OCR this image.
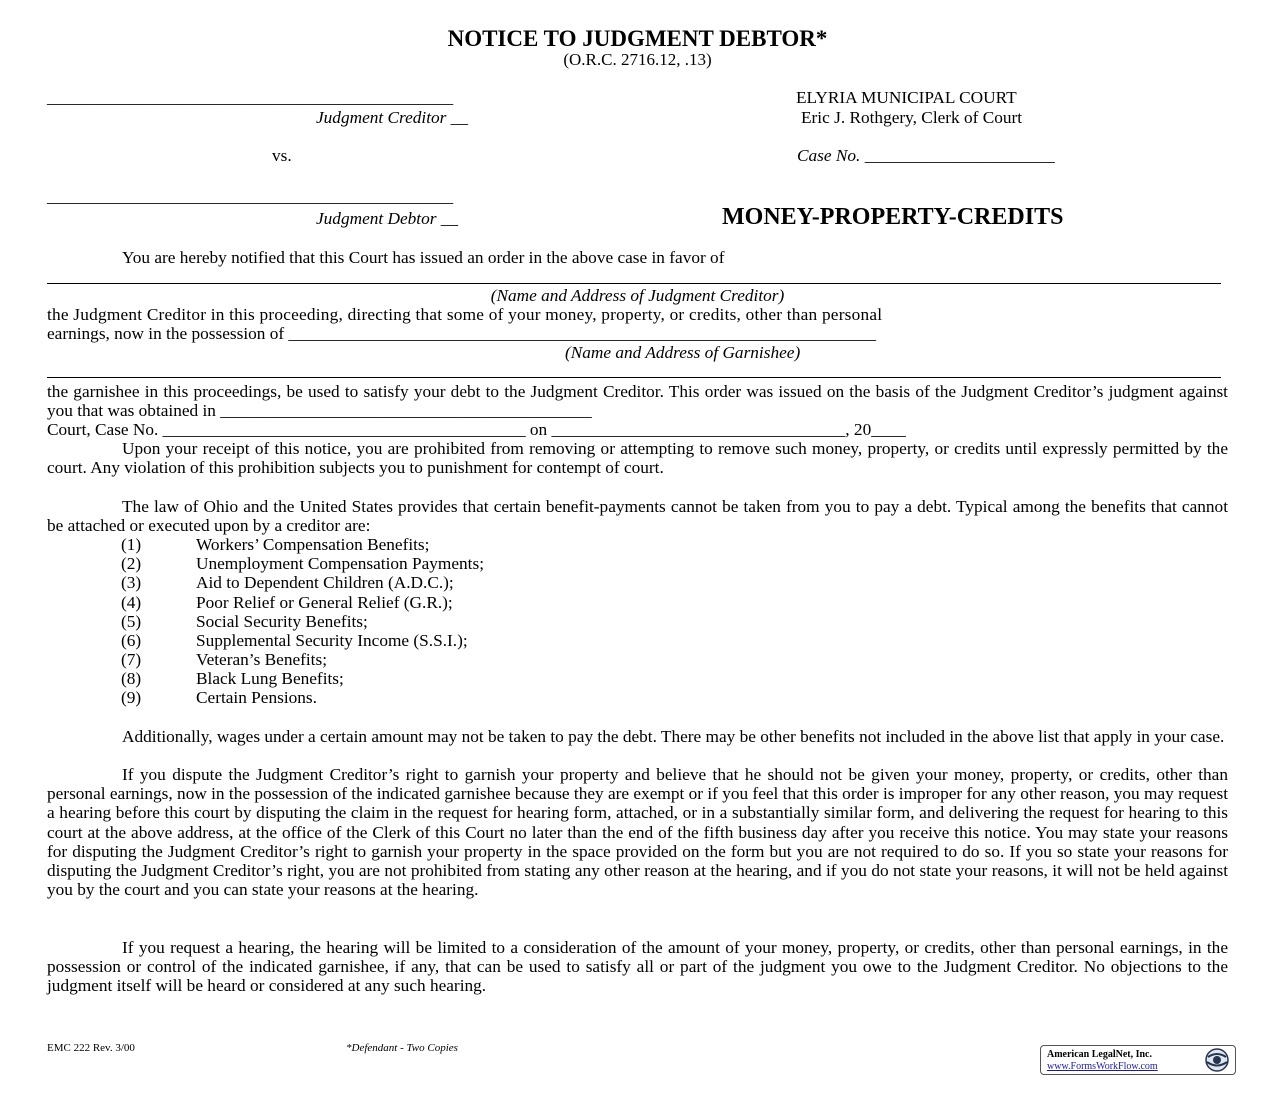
NOTICE TO JUDGMENT DEBTOR*
(O.R.C. 2716.12, .13)
_______________________________________________
Judgment Creditor __
vs.
_______________________________________________
Judgment Debtor __
ELYRIA MUNICIPAL COURT
Eric J. Rothgery, Clerk of Court
Case No. ______________________
MONEY-PROPERTY-CREDITS
You are hereby notified that this Court has issued an order in the above case in favor of
(Name and Address of Judgment Creditor)
the Judgment Creditor in this proceeding, directing that some of your money, property, or credits, other than personal
earnings, now in the possession of ____________________________________________________________________
(Name and Address of Garnishee)
the garnishee in this proceedings, be used to satisfy your debt to the Judgment Creditor. This order was issued on the basis of the Judgment Creditor’s judgment against you that was obtained in ___________________________________________
Court, Case No. __________________________________________ on __________________________________, 20____
Upon your receipt of this notice, you are prohibited from removing or attempting to remove such money, property, or credits until expressly permitted by the court. Any violation of this prohibition subjects you to punishment for contempt of court.
The law of Ohio and the United States provides that certain benefit-payments cannot be taken from you to pay a debt. Typical among the benefits that cannot be attached or executed upon by a creditor are:
(1)	Workers’ Compensation Benefits;
(2)	Unemployment Compensation Payments;
(3)	Aid to Dependent Children (A.D.C.);
(4)	Poor Relief or General Relief (G.R.);
(5)	Social Security Benefits;
(6)	Supplemental Security Income (S.S.I.);
(7)	Veteran’s Benefits;
(8)	Black Lung Benefits;
(9)	Certain Pensions.
Additionally, wages under a certain amount may not be taken to pay the debt. There may be other benefits not included in the above list that apply in your case.
If you dispute the Judgment Creditor’s right to garnish your property and believe that he should not be given your money, property, or credits, other than personal earnings, now in the possession of the indicated garnishee because they are exempt or if you feel that this order is improper for any other reason, you may request a hearing before this court by disputing the claim in the request for hearing form, attached, or in a substantially similar form, and delivering the request for hearing to this court at the above address, at the office of the Clerk of this Court no later than the end of the fifth business day after you receive this notice. You may state your reasons for disputing the Judgment Creditor’s right to garnish your property in the space provided on the form but you are not required to do so. If you so state your reasons for disputing the Judgment Creditor’s right, you are not prohibited from stating any other reason at the hearing, and if you do not state your reasons, it will not be held against you by the court and you can state your reasons at the hearing.
If you request a hearing, the hearing will be limited to a consideration of the amount of your money, property, or credits, other than personal earnings, in the possession or control of the indicated garnishee, if any, that can be used to satisfy all or part of the judgment you owe to the Judgment Creditor. No objections to the judgment itself will be heard or considered at any such hearing.
EMC 222 Rev. 3/00	*Defendant - Two Copies
American LegalNet, Inc.
www.FormsWorkFlow.com
